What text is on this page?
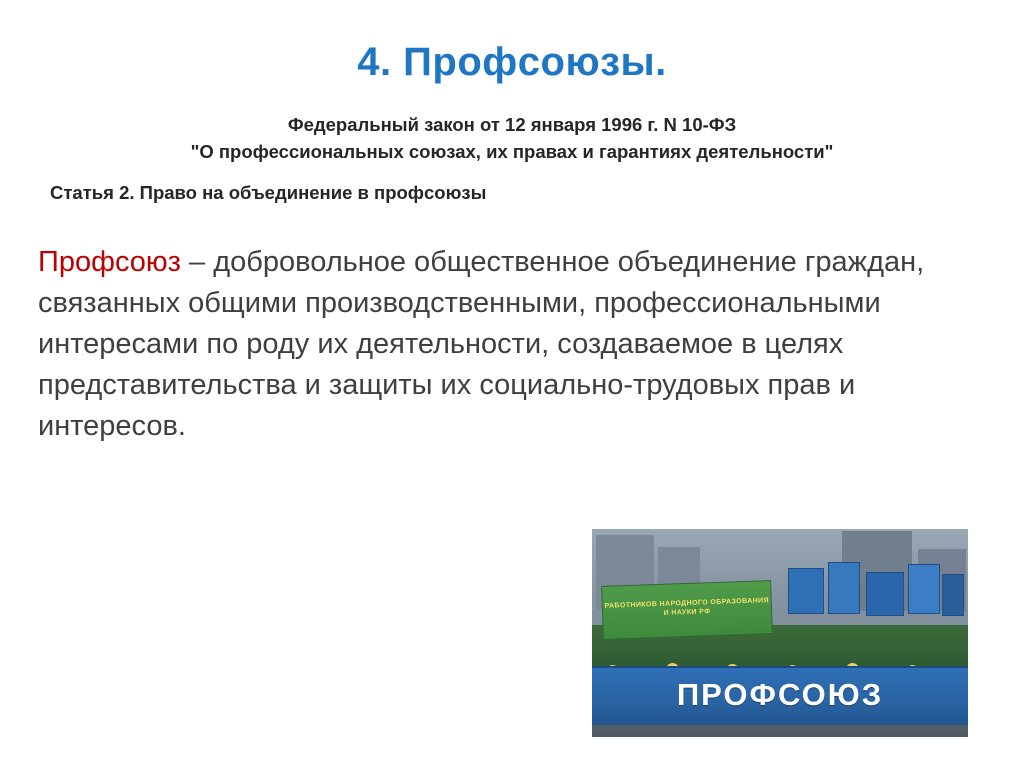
4. Профсоюзы.
Федеральный закон от 12 января 1996 г. N 10-ФЗ
"О профессиональных союзах, их правах и гарантиях деятельности"
Статья 2. Право на объединение в профсоюзы

Профсоюз – добровольное общественное объединение граждан, связанных общими производственными, профессиональными интересами по роду их деятельности, создаваемое в целях представительства и защиты их социально-трудовых прав и интересов.

РАБОТНИКОВ НАРОДНОГО ОБРАЗОВАНИЯ И НАУКИ РФ
ПРОФСОЮЗ
